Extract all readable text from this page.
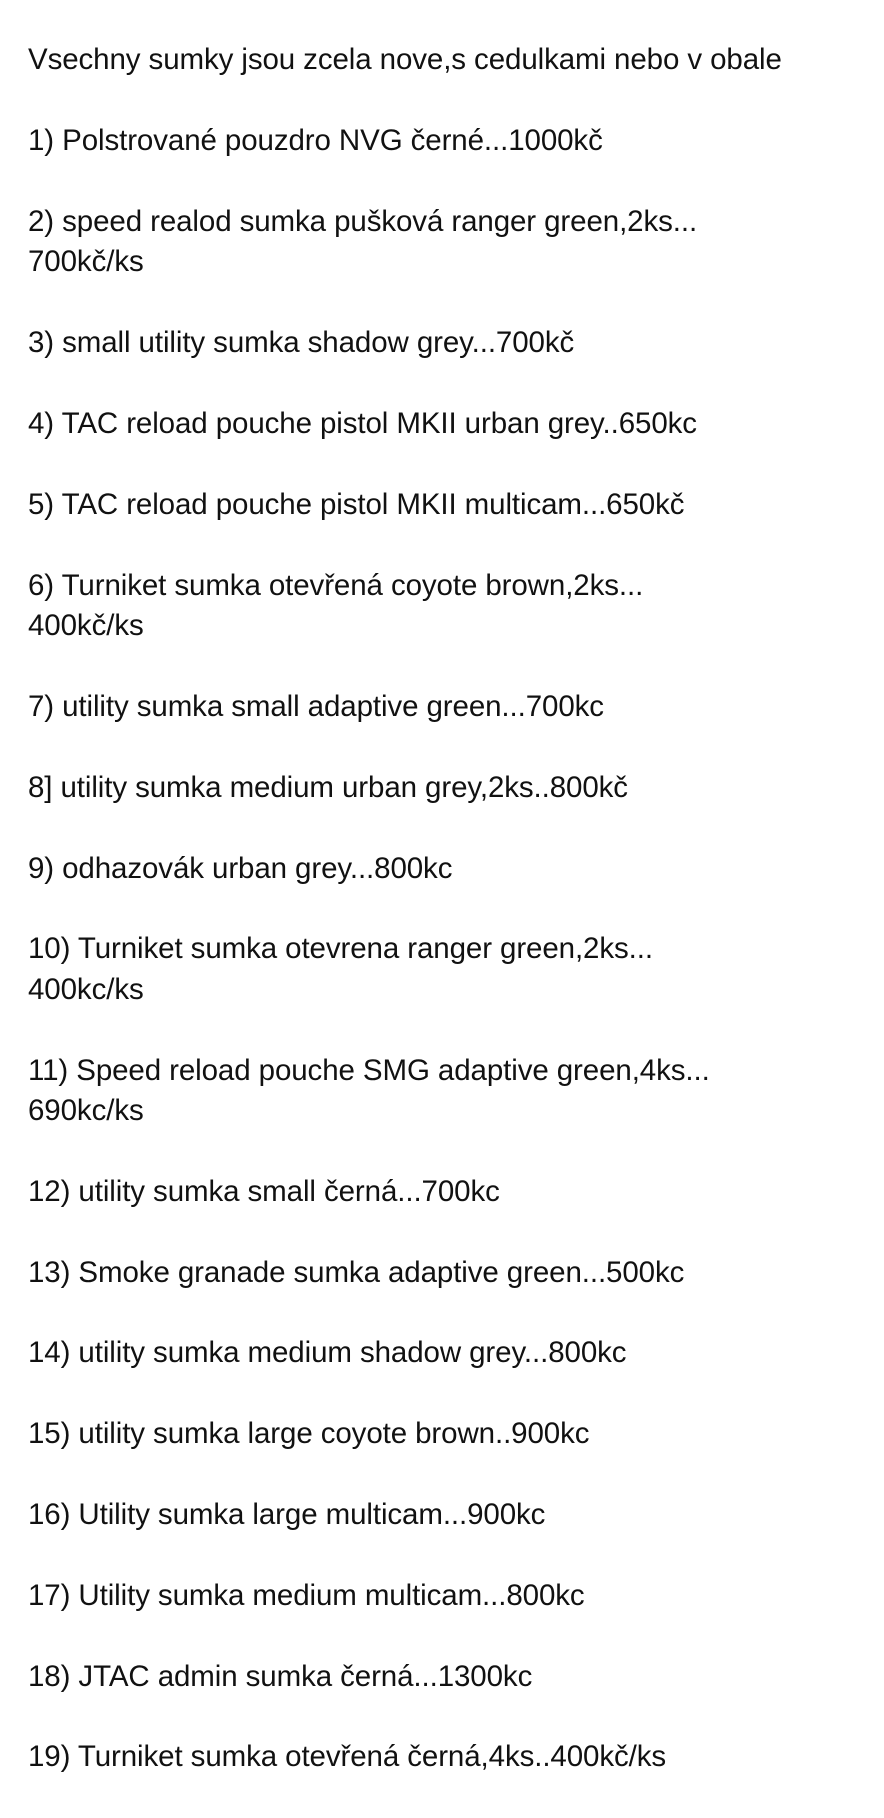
Vsechny sumky jsou zcela nove,s cedulkami nebo v obale

1) Polstrované pouzdro NVG černé...1000kč

2) speed realod sumka pušková ranger green,2ks...
700kč/ks

3) small utility sumka shadow grey...700kč

4) TAC reload pouche pistol MKII urban grey..650kc

5) TAC reload pouche pistol MKII multicam...650kč

6) Turniket sumka otevřená coyote brown,2ks...
400kč/ks

7) utility sumka small adaptive green...700kc

8] utility sumka medium urban grey,2ks..800kč

9) odhazovák urban grey...800kc

10) Turniket sumka otevrena ranger green,2ks...
400kc/ks

11) Speed reload pouche SMG adaptive green,4ks...
690kc/ks

12) utility sumka small černá...700kc

13) Smoke granade sumka adaptive green...500kc

14) utility sumka medium shadow grey...800kc

15) utility sumka large coyote brown..900kc

16) Utility sumka large multicam...900kc

17) Utility sumka medium multicam...800kc

18) JTAC admin sumka černá...1300kc

19) Turniket sumka otevřená černá,4ks..400kč/ks
